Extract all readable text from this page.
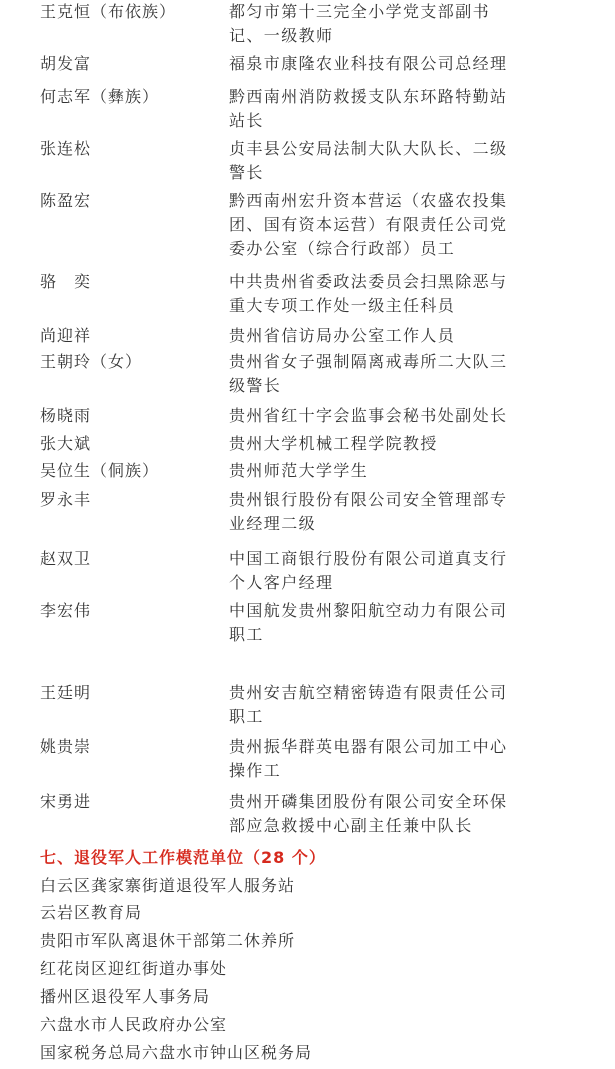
王克恒（布依族）	都匀市第十三完全小学党支部副书记、一级教师
胡发富	福泉市康隆农业科技有限公司总经理
何志军（彝族）	黔西南州消防救援支队东环路特勤站站长
张连松	贞丰县公安局法制大队大队长、二级警长
陈盈宏	黔西南州宏升资本营运（农盛农投集团、国有资本运营）有限责任公司党委办公室（综合行政部）员工
骆　奕	中共贵州省委政法委员会扫黑除恶与重大专项工作处一级主任科员
尚迎祥	贵州省信访局办公室工作人员
王朝玲（女）	贵州省女子强制隔离戒毒所二大队三级警长
杨晓雨	贵州省红十字会监事会秘书处副处长
张大斌	贵州大学机械工程学院教授
吴位生（侗族）	贵州师范大学学生
罗永丰	贵州银行股份有限公司安全管理部专业经理二级
赵双卫	中国工商银行股份有限公司道真支行个人客户经理
李宏伟	中国航发贵州黎阳航空动力有限公司职工
王廷明	贵州安吉航空精密铸造有限责任公司职工
姚贵崇	贵州振华群英电器有限公司加工中心操作工
宋勇进	贵州开磷集团股份有限公司安全环保部应急救援中心副主任兼中队长
七、退役军人工作模范单位（28 个）
白云区龚家寨街道退役军人服务站
云岩区教育局
贵阳市军队离退休干部第二休养所
红花岗区迎红街道办事处
播州区退役军人事务局
六盘水市人民政府办公室
国家税务总局六盘水市钟山区税务局
